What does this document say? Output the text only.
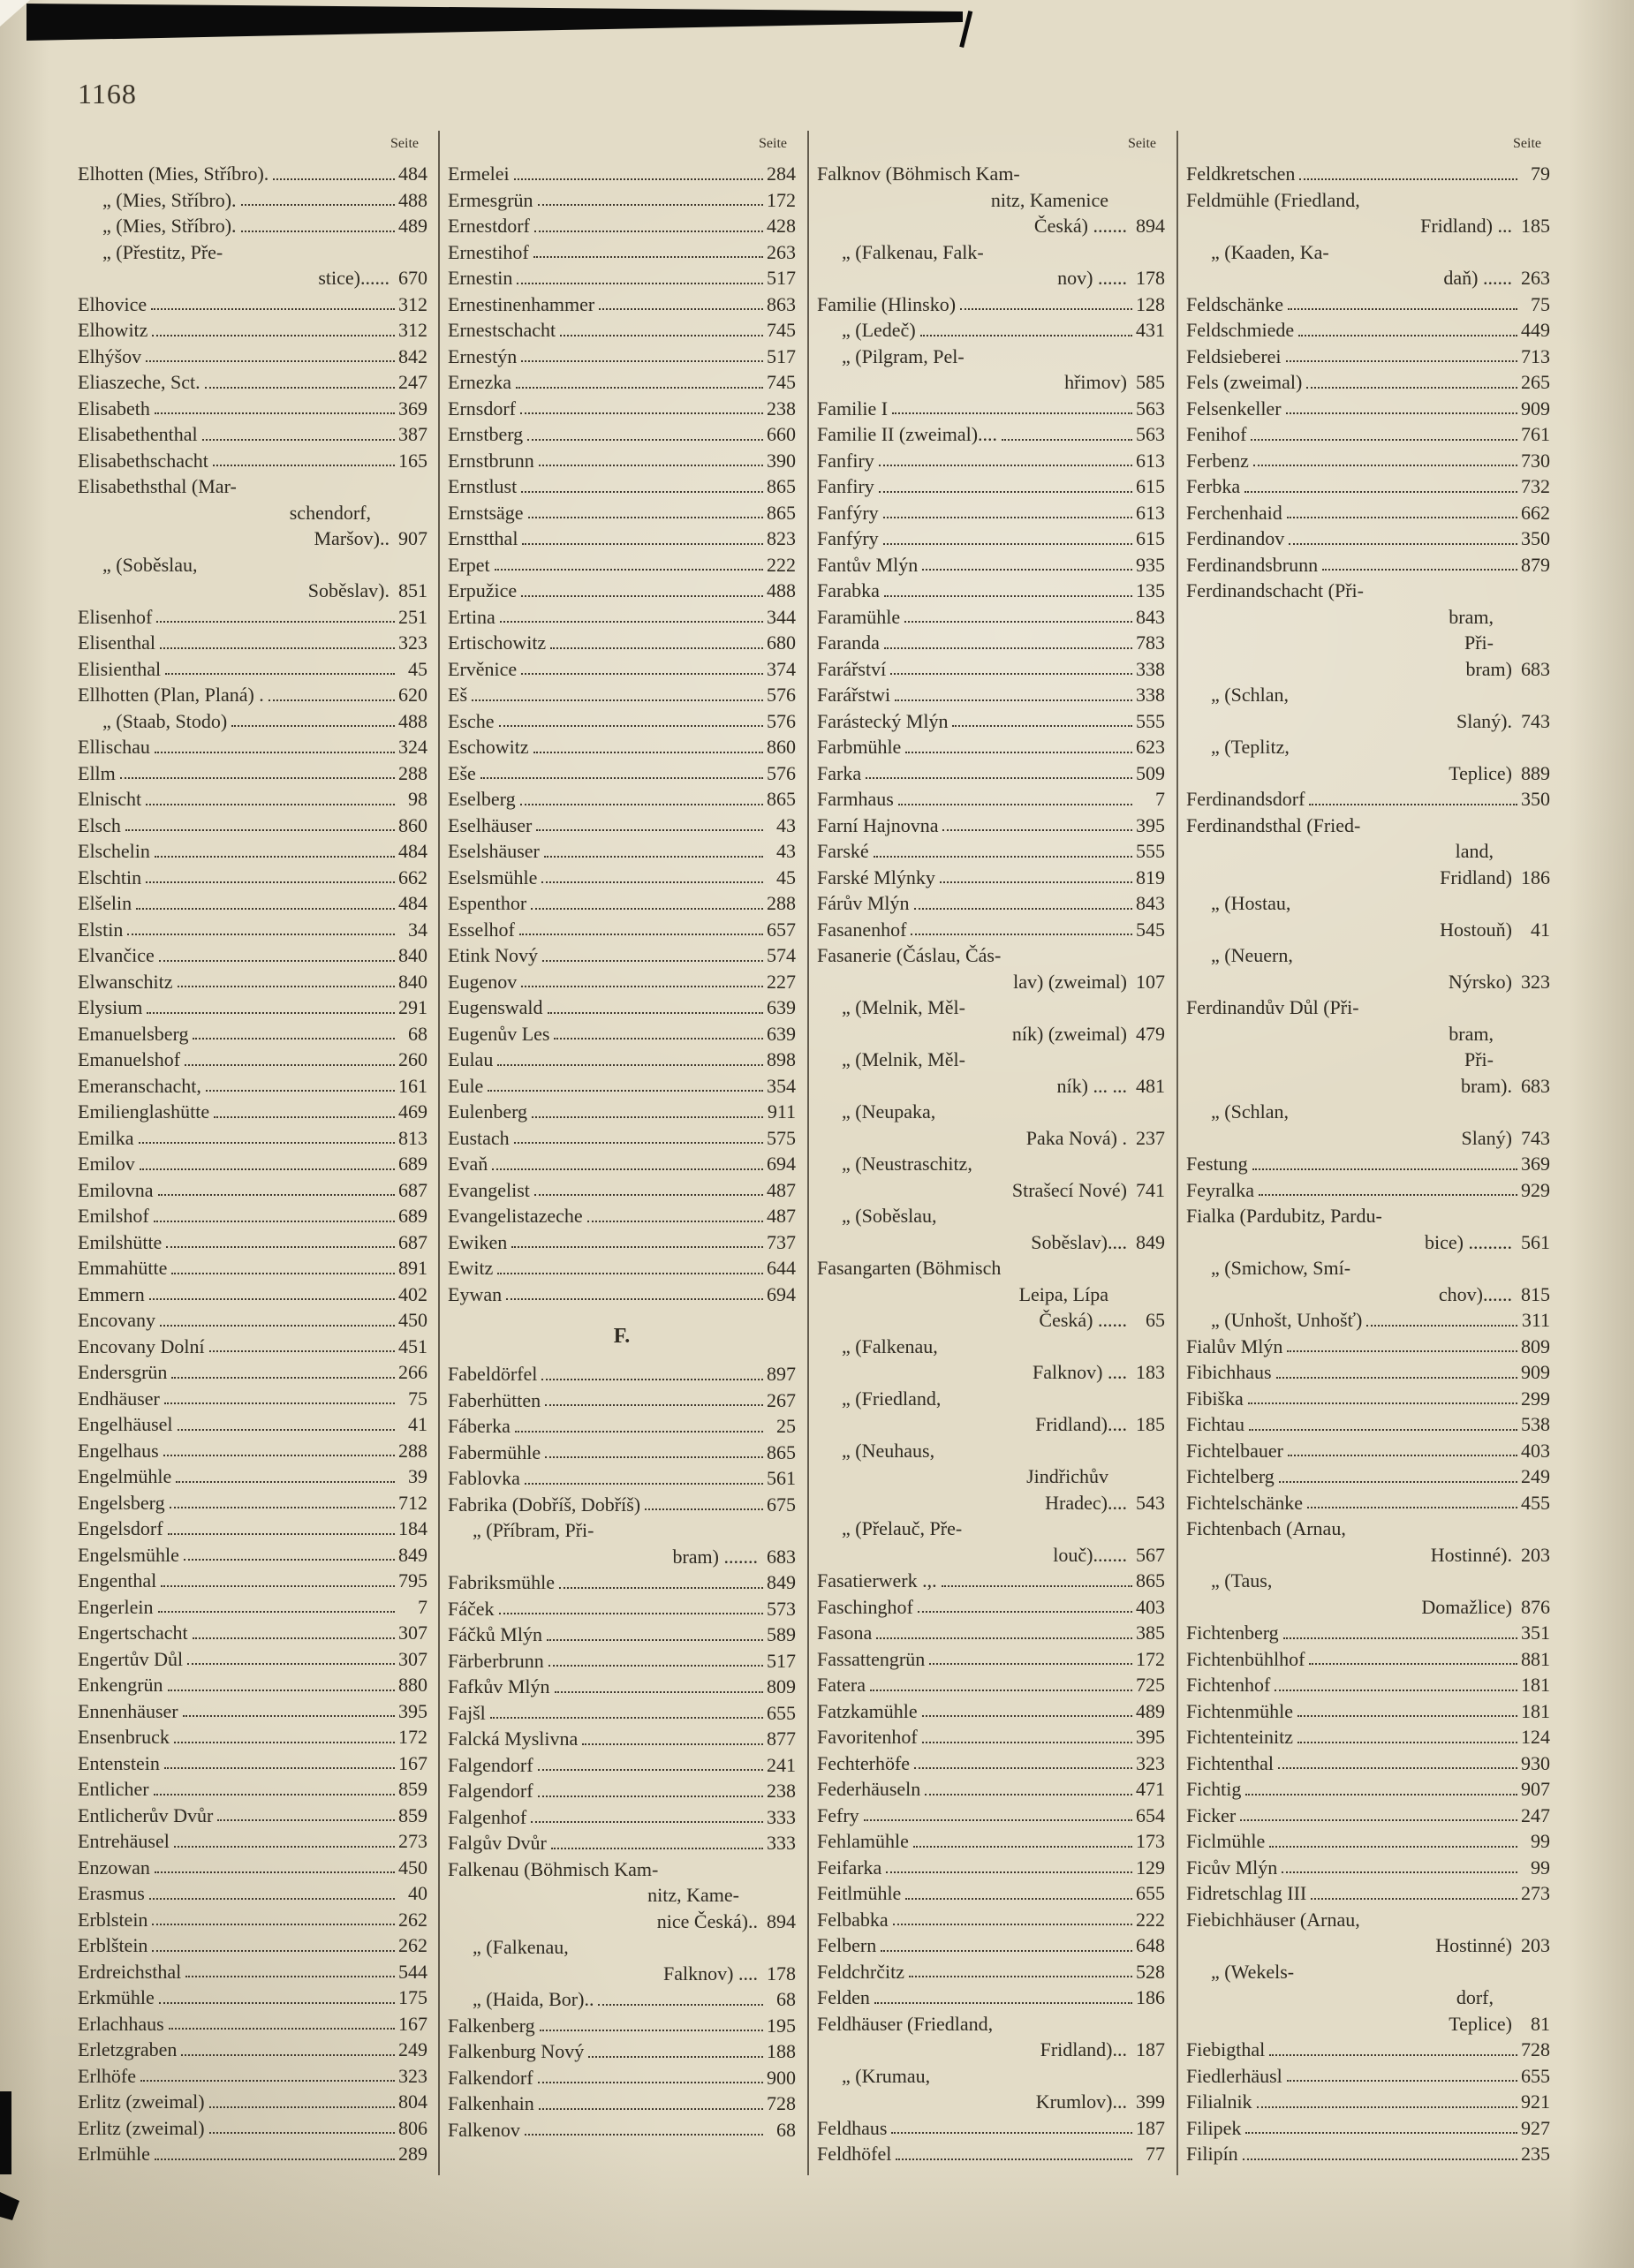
1168
Seite
Elhotten (Mies, Stříbro).	484
„ (Mies, Stříbro).	488
„ (Mies, Stříbro).	489
„ (Přestitz, Pře-
stice)...... 670
Elhovice	312
Elhowitz	312
Elhýšov	842
Eliaszeche, Sct.	247
Elisabeth	369
Elisabethenthal	387
Elisabethschacht	165
Elisabethsthal (Mar-
schendorf,
Maršov).. 907
„ (Soběslau,
Soběslav). 851
Elisenhof	251
Elisenthal	323
Elisienthal	45
Ellhotten (Plan, Planá) .	620
„ (Staab, Stodo)	488
Ellischau	324
Ellm	288
Elnischt	98
Elsch	860
Elschelin	484
Elschtin	662
Elšelin	484
Elstin	34
Elvančice	840
Elwanschitz	840
Elysium	291
Emanuelsberg	68
Emanuelshof	260
Emeranschacht,	161
Emilienglashütte	469
Emilka	813
Emilov	689
Emilovna	687
Emilshof	689
Emilshütte	687
Emmahütte	891
Emmern	402
Encovany	450
Encovany Dolní	451
Endersgrün	266
Endhäuser	75
Engelhäusel	41
Engelhaus	288
Engelmühle	39
Engelsberg	712
Engelsdorf	184
Engelsmühle	849
Engenthal	795
Engerlein	7
Engertschacht	307
Engertův Důl	307
Enkengrün	880
Ennenhäuser	395
Ensenbruck	172
Entenstein	167
Entlicher	859
Entlicherův Dvůr	859
Entrehäusel	273
Enzowan	450
Erasmus	40
Erblstein	262
Erblštein	262
Erdreichsthal	544
Erkmühle	175
Erlachhaus	167
Erletzgraben	249
Erlhöfe	323
Erlitz (zweimal)	804
Erlitz (zweimal)	806
Erlmühle	289
Seite
Ermelei	284
Ermesgrün	172
Ernestdorf	428
Ernestihof	263
Ernestin	517
Ernestinenhammer	863
Ernestschacht	745
Ernestýn	517
Ernezka	745
Ernsdorf	238
Ernstberg	660
Ernstbrunn	390
Ernstlust	865
Ernstsäge	865
Ernstthal	823
Erpet	222
Erpužice	488
Ertina	344
Ertischowitz	680
Ervěnice	374
Eš	576
Esche	576
Eschowitz	860
Eše	576
Eselberg	865
Eselhäuser	43
Eselshäuser	43
Eselsmühle	45
Espenthor	288
Esselhof	657
Etink Nový	574
Eugenov	227
Eugenswald	639
Eugenův Les	639
Eulau	898
Eule	354
Eulenberg	911
Eustach	575
Evaň	694
Evangelist	487
Evangelistazeche	487
Ewiken	737
Ewitz	644
Eywan	694
F.
Fabeldörfel	897
Faberhütten	267
Fáberka	25
Fabermühle	865
Fablovka	561
Fabrika (Dobříš, Dobříš)	675
„ (Příbram, Při-
bram) ....... 683
Fabriksmühle	849
Fáček	573
Fáčků Mlýn	589
Färberbrunn	517
Fafkův Mlýn	809
Fajšl	655
Falcká Myslivna	877
Falgendorf	241
Falgendorf	238
Falgenhof	333
Falgův Dvůr	333
Falkenau (Böhmisch Kam-
nitz, Kame-
nice Česká).. 894
„ (Falkenau,
Falknov) .... 178
„ (Haida, Bor)..	68
Falkenberg	195
Falkenburg Nový	188
Falkendorf	900
Falkenhain	728
Falkenov	68
Seite
Falknov (Böhmisch Kam-
nitz, Kamenice
Česká) ....... 894
„ (Falkenau, Falk-
nov) ...... 178
Familie (Hlinsko)	128
„ (Ledeč)	431
„ (Pilgram, Pel-
hřimov) 585
Familie I	563
Familie II (zweimal)....	563
Fanfiry	613
Fanfiry	615
Fanfýry	613
Fanfýry	615
Fantův Mlýn	935
Farabka	135
Faramühle	843
Faranda	783
Farářství	338
Farářstwi	338
Farástecký Mlýn	555
Farbmühle	623
Farka	509
Farmhaus	7
Farní Hajnovna	395
Farské	555
Farské Mlýnky	819
Fárův Mlýn	843
Fasanenhof	545
Fasanerie (Čáslau, Čás-
lav) (zweimal) 107
„ (Melnik, Měl-
ník) (zweimal) 479
„ (Melnik, Měl-
ník) ... ... 481
„ (Neupaka,
Paka Nová) . 237
„ (Neustraschitz,
Strašecí Nové) 741
„ (Soběslau,
Soběslav).... 849
Fasangarten (Böhmisch
Leipa, Lípa
Česká) ...... 65
„ (Falkenau,
Falknov) .... 183
„ (Friedland,
Fridland).... 185
„ (Neuhaus,
Jindřichův
Hradec).... 543
„ (Přelauč, Pře-
louč)....... 567
Fasatierwerk .,.	865
Faschinghof	403
Fasona	385
Fassattengrün	172
Fatera	725
Fatzkamühle	489
Favoritenhof	395
Fechterhöfe	323
Federhäuseln	471
Fefry	654
Fehlamühle	173
Feifarka	129
Feitlmühle	655
Felbabka	222
Felbern	648
Feldchrčitz	528
Felden	186
Feldhäuser (Friedland,
Fridland)... 187
„ (Krumau,
Krumlov)... 399
Feldhaus	187
Feldhöfel	77
Seite
Feldkretschen	79
Feldmühle (Friedland,
Fridland) ... 185
„ (Kaaden, Ka-
daň) ...... 263
Feldschänke	75
Feldschmiede	449
Feldsieberei	713
Fels (zweimal)	265
Felsenkeller	909
Fenihof	761
Ferbenz	730
Ferbka	732
Ferchenhaid	662
Ferdinandov	350
Ferdinandsbrunn	879
Ferdinandschacht (Při-
bram,
Při-
bram) 683
„ (Schlan,
Slaný). 743
„ (Teplitz,
Teplice) 889
Ferdinandsdorf	350
Ferdinandsthal (Fried-
land,
Fridland) 186
„ (Hostau,
Hostouň) 41
„ (Neuern,
Nýrsko) 323
Ferdinandův Důl (Při-
bram,
Při-
bram). 683
„ (Schlan,
Slaný) 743
Festung	369
Feyralka	929
Fialka (Pardubitz, Pardu-
bice) ......... 561
„ (Smichow, Smí-
chov)...... 815
„ (Unhošt, Unhošť)	311
Fialův Mlýn	809
Fibichhaus	909
Fibiška	299
Fichtau	538
Fichtelbauer	403
Fichtelberg	249
Fichtelschänke	455
Fichtenbach (Arnau,
Hostinné). 203
„ (Taus,
Domažlice) 876
Fichtenberg	351
Fichtenbühlhof	881
Fichtenhof	181
Fichtenmühle	181
Fichtenteinitz	124
Fichtenthal	930
Fichtig	907
Ficker	247
Ficlmühle	99
Ficův Mlýn	99
Fidretschlag III	273
Fiebichhäuser (Arnau,
Hostinné) 203
„ (Wekels-
dorf,
Teplice) 81
Fiebigthal	728
Fiedlerhäusl	655
Filialnik	921
Filipek	927
Filipín	235
